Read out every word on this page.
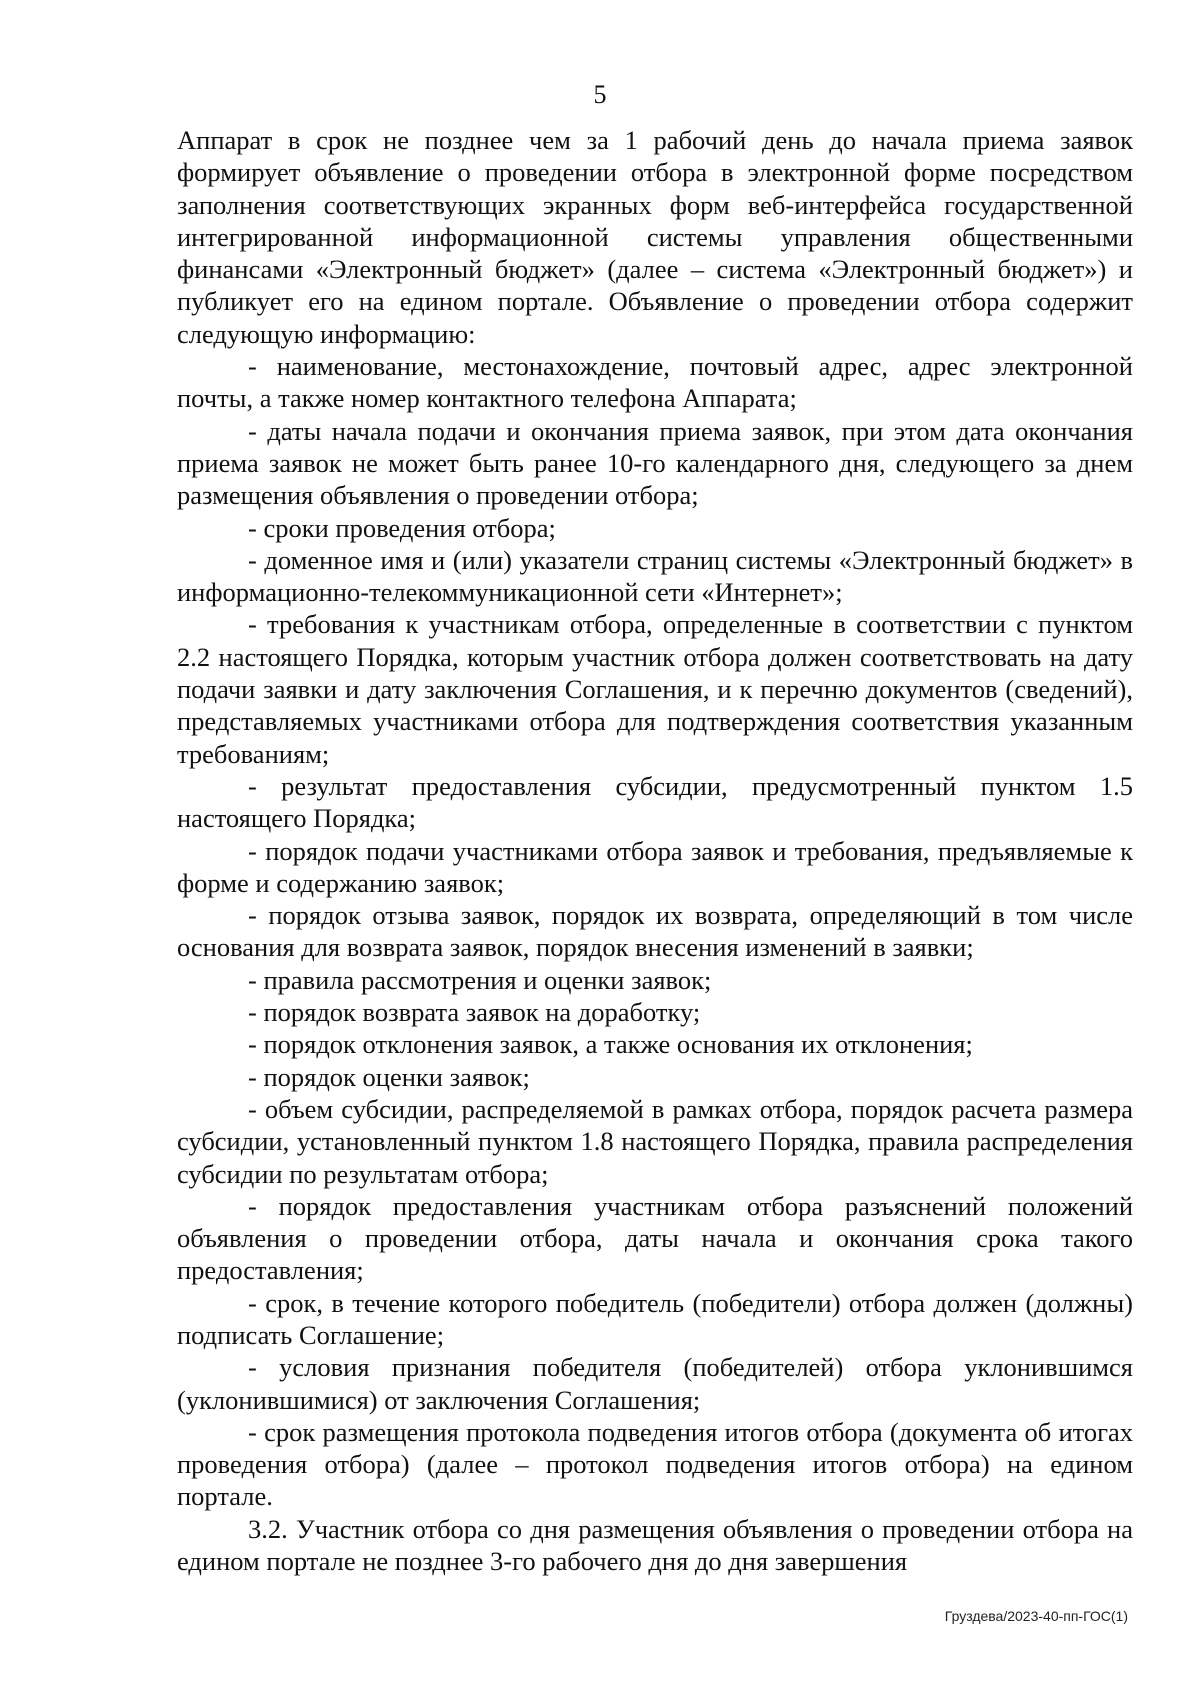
5

Аппарат в срок не позднее чем за 1 рабочий день до начала приема заявок формирует объявление о проведении отбора в электронной форме посредством заполнения соответствующих экранных форм веб-интерфейса государственной интегрированной информационной системы управления общественными финансами «Электронный бюджет» (далее – система «Электронный бюджет») и публикует его на едином портале. Объявление о проведении отбора содержит следующую информацию:

- наименование, местонахождение, почтовый адрес, адрес электронной почты, а также номер контактного телефона Аппарата;

- даты начала подачи и окончания приема заявок, при этом дата окончания приема заявок не может быть ранее 10-го календарного дня, следующего за днем размещения объявления о проведении отбора;

- сроки проведения отбора;

- доменное имя и (или) указатели страниц системы «Электронный бюджет» в информационно-телекоммуникационной сети «Интернет»;

- требования к участникам отбора, определенные в соответствии с пунктом 2.2 настоящего Порядка, которым участник отбора должен соответствовать на дату подачи заявки и дату заключения Соглашения, и к перечню документов (сведений), представляемых участниками отбора для подтверждения соответствия указанным требованиям;

- результат предоставления субсидии, предусмотренный пунктом 1.5 настоящего Порядка;

- порядок подачи участниками отбора заявок и требования, предъявляемые к форме и содержанию заявок;

- порядок отзыва заявок, порядок их возврата, определяющий в том числе основания для возврата заявок, порядок внесения изменений в заявки;

- правила рассмотрения и оценки заявок;

- порядок возврата заявок на доработку;

- порядок отклонения заявок, а также основания их отклонения;

- порядок оценки заявок;

- объем субсидии, распределяемой в рамках отбора, порядок расчета размера субсидии, установленный пунктом 1.8 настоящего Порядка, правила распределения субсидии по результатам отбора;

- порядок предоставления участникам отбора разъяснений положений объявления о проведении отбора, даты начала и окончания срока такого предоставления;

- срок, в течение которого победитель (победители) отбора должен (должны) подписать Соглашение;

- условия признания победителя (победителей) отбора уклонившимся (уклонившимися) от заключения Соглашения;

- срок размещения протокола подведения итогов отбора (документа об итогах проведения отбора) (далее – протокол подведения итогов отбора) на едином портале.

3.2. Участник отбора со дня размещения объявления о проведении отбора на едином портале не позднее 3-го рабочего дня до дня завершения

Груздева/2023-40-пп-ГОС(1)
